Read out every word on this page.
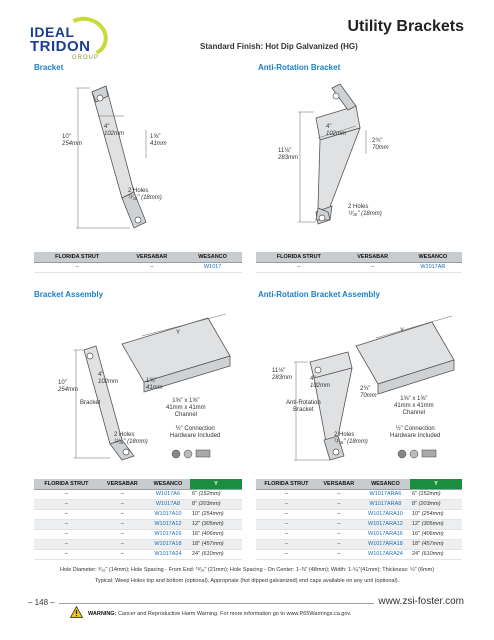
IDEAL
TRIDON
GROUP
Utility Brackets
Standard Finish: Hot Dip Galvanized (HG)
Bracket	Anti-Rotation Bracket
Bracket Assembly	Anti-Rotation Bracket Assembly
10"
254mm
4"
102mm
1⅝"
41mm
2 Holes
¹¹⁄₁₆" (18mm)
11⅛"
283mm
4"
102mm
2¾"
70mm
2 Holes
¹¹⁄₁₆" (18mm)
FLORIDA STRUT	VERSABAR	WESANCO
–	–	W1017
FLORIDA STRUT	VERSABAR	WESANCO
–	–	W1017AR
Y
10"
254mm
4"
102mm	1⅝"
41mm
Bracket	1⅝" x 1⅝"
41mm x 41mm
Channel
2 Holes
¹¹⁄₁₆" (18mm)
½" Connection
Hardware Included
Y
11⅛"
283mm	4"
102mm
2¾"
70mm
Anti-Rotation
Bracket
1⅝" x 1⅝"
41mm x 41mm
Channel
2 Holes
¹¹⁄₁₆" (18mm)
½" Connection
Hardware Included
FLORIDA STRUT	VERSABAR	WESANCO	Y
–	–	W1017A6	6" (152mm)
–	–	W1017A8	8" (203mm)
–	–	W1017A10	10" (254mm)
–	–	W1017A12	12" (305mm)
–	–	W1017A16	16" (406mm)
–	–	W1017A18	18" (457mm)
–	–	W1017A24	24" (610mm)
FLORIDA STRUT	VERSABAR	WESANCO	Y
–	–	W1017ARA6	6" (152mm)
–	–	W1017ARA8	8" (203mm)
–	–	W1017ARA10	10" (254mm)
–	–	W1017ARA12	12" (305mm)
–	–	W1017ARA16	16" (406mm)
–	–	W1017ARA18	18" (457mm)
–	–	W1017ARA24	24" (610mm)
Hole Diameter: ⁹⁄₁₆" (14mm); Hole Spacing - From End: ¹³⁄₁₆" (21mm); Hole Spacing - On Center: 1-⅞" (48mm); Width: 1-⁵⁄₈"(41mm); Thickness: ¼" (6mm)
Typical: Weep Holes top and bottom (optional), Appropriate (hot dipped galvanized) end caps available on any unit (optional).
– 148 –	www.zsi-foster.com
WARNING: Cancer and Reproductive Harm Warning. For more information go to www.P65Warnings.ca.gov.
